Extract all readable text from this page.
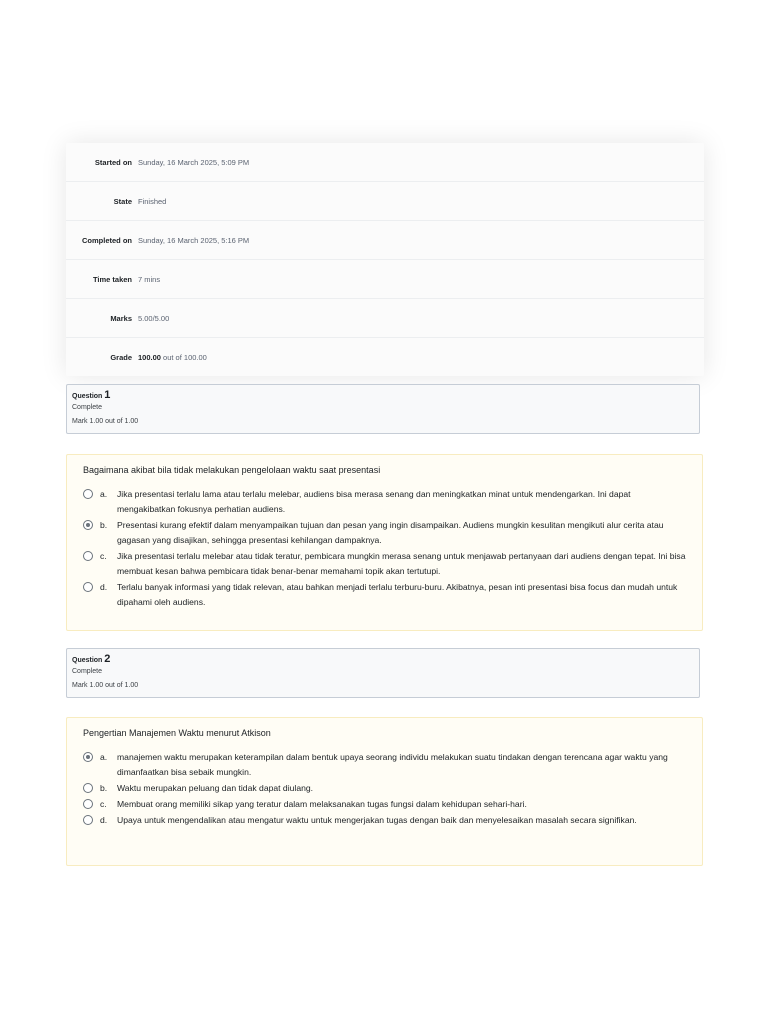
Started on Sunday, 16 March 2025, 5:09 PM
State Finished
Completed on Sunday, 16 March 2025, 5:16 PM
Time taken 7 mins
Marks 5.00/5.00
Grade 100.00 out of 100.00
Question 1
Complete
Mark 1.00 out of 1.00
Bagaimana akibat bila tidak melakukan pengelolaan waktu saat presentasi
a.	Jika presentasi terlalu lama atau terlalu melebar, audiens bisa merasa senang dan meningkatkan minat untuk mendengarkan. Ini dapat mengakibatkan fokusnya perhatian audiens.
b.	Presentasi kurang efektif dalam menyampaikan tujuan dan pesan yang ingin disampaikan. Audiens mungkin kesulitan mengikuti alur cerita atau gagasan yang disajikan, sehingga presentasi kehilangan dampaknya.
c.	Jika presentasi terlalu melebar atau tidak teratur, pembicara mungkin merasa senang untuk menjawab pertanyaan dari audiens dengan tepat. Ini bisa membuat kesan bahwa pembicara tidak benar-benar memahami topik akan tertutupi.
d.	Terlalu banyak informasi yang tidak relevan, atau bahkan menjadi terlalu terburu-buru. Akibatnya, pesan inti presentasi bisa focus dan mudah untuk dipahami oleh audiens.
Question 2
Complete
Mark 1.00 out of 1.00
Pengertian Manajemen Waktu menurut Atkison
a.	manajemen waktu merupakan keterampilan dalam bentuk upaya seorang individu melakukan suatu tindakan dengan terencana agar waktu yang dimanfaatkan bisa sebaik mungkin.
b.	Waktu merupakan peluang dan tidak dapat diulang.
c.	Membuat orang memiliki sikap yang teratur dalam melaksanakan tugas fungsi dalam kehidupan sehari-hari.
d.	Upaya untuk mengendalikan atau mengatur waktu untuk mengerjakan tugas dengan baik dan menyelesaikan masalah secara signifikan.
